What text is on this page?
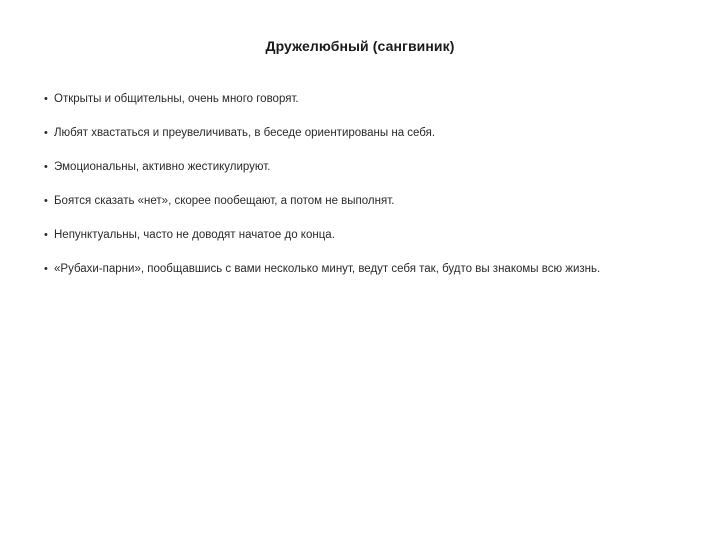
Дружелюбный (сангвиник)
• Открыты и общительны, очень много говорят.
• Любят хвастаться и преувеличивать, в беседе ориентированы на себя.
• Эмоциональны, активно жестикулируют.
• Боятся сказать «нет», скорее пообещают, а потом не выполнят.
• Непунктуальны, часто не доводят начатое до конца.
• «Рубахи-парни», пообщавшись с вами несколько минут, ведут себя так, будто вы знакомы всю жизнь.
